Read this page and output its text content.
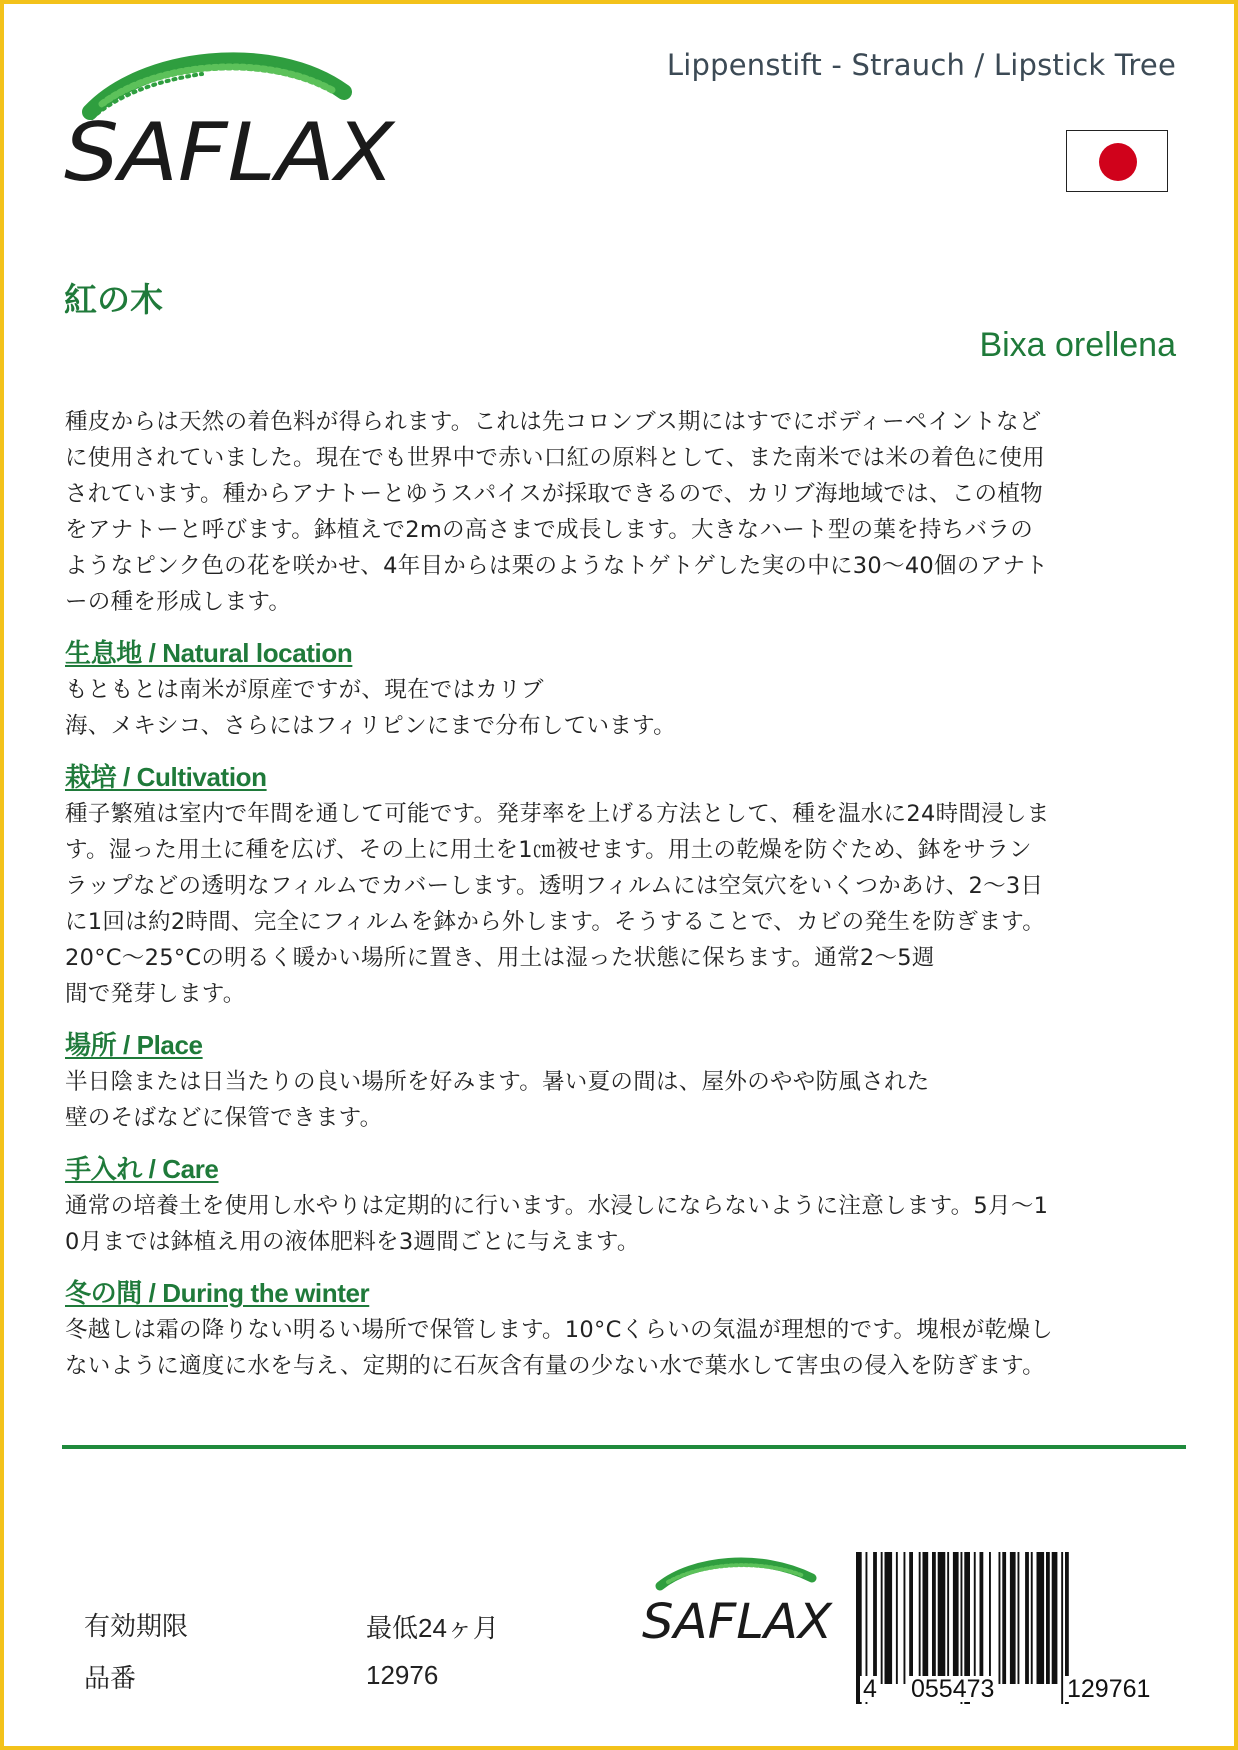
SAFLAX
Lippenstift - Strauch / Lipstick Tree
紅の木
Bixa orellena

種皮からは天然の着色料が得られます。これは先コロンブス期にはすでにボディーペイントなど
に使用されていました。現在でも世界中で赤い口紅の原料として、また南米では米の着色に使用
されています。種からアナトーとゆうスパイスが採取できるので、カリブ海地域では、この植物
をアナトーと呼びます。鉢植えで2mの高さまで成長します。大きなハート型の葉を持ちバラの
ようなピンク色の花を咲かせ、4年目からは栗のようなトゲトゲした実の中に30～40個のアナト
ーの種を形成します。

生息地 / Natural location

もともとは南米が原産ですが、現在ではカリブ
海、メキシコ、さらにはフィリピンにまで分布しています。

栽培 / Cultivation

種子繁殖は室内で年間を通して可能です。発芽率を上げる方法として、種を温水に24時間浸しま
す。湿った用土に種を広げ、その上に用土を1㎝被せます。用土の乾燥を防ぐため、鉢をサラン
ラップなどの透明なフィルムでカバーします。透明フィルムには空気穴をいくつかあけ、2～3日
に1回は約2時間、完全にフィルムを鉢から外します。そうすることで、カビの発生を防ぎます。
20°C〜25°Cの明るく暖かい場所に置き、用土は湿った状態に保ちます。通常2～5週
間で発芽します。

場所 / Place

半日陰または日当たりの良い場所を好みます。暑い夏の間は、屋外のやや防風された
壁のそばなどに保管できます。

手入れ / Care

通常の培養土を使用し水やりは定期的に行います。水浸しにならないように注意します。5月～1
0月までは鉢植え用の液体肥料を3週間ごとに与えます。

冬の間 / During the winter

冬越しは霜の降りない明るい場所で保管します。10°Cくらいの気温が理想的です。塊根が乾燥し
ないように適度に水を与え、定期的に石灰含有量の少ない水で葉水して害虫の侵入を防ぎます。

有効期限	最低24ヶ月
品番	12976
SAFLAX
4 055473	129761
